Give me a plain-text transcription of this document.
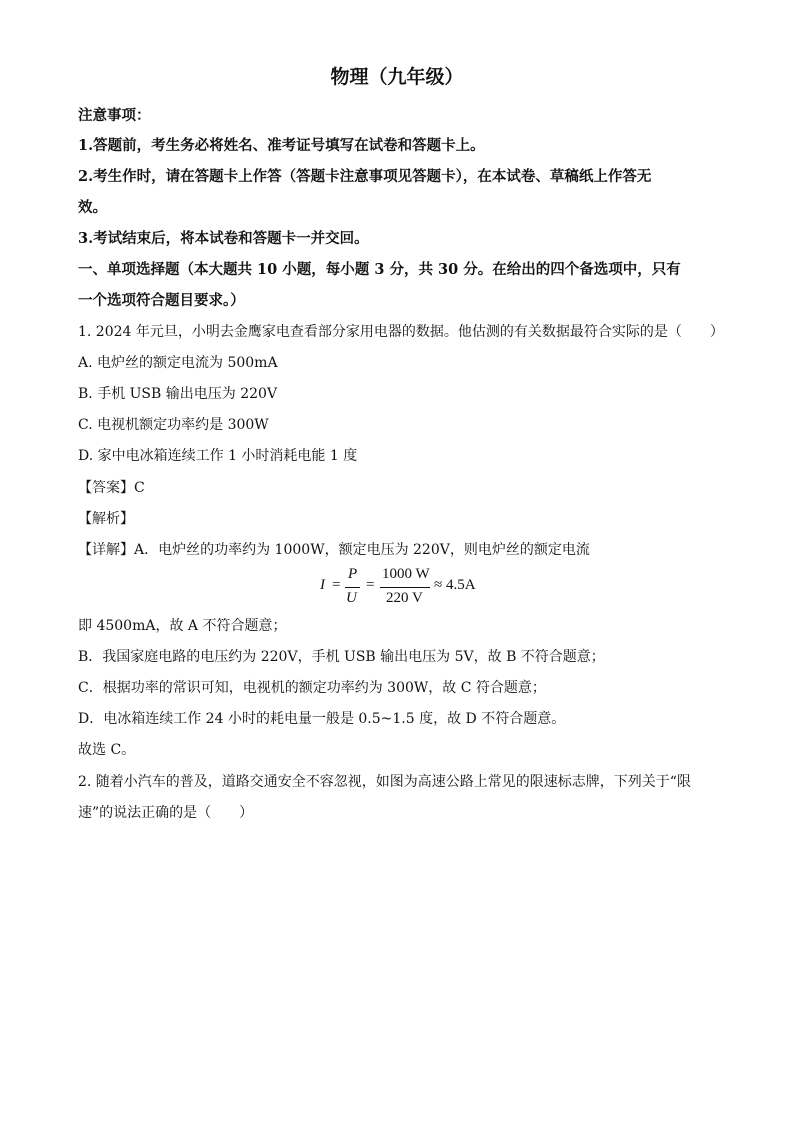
物理（九年级）
注意事项：
1.答题前，考生务必将姓名、准考证号填写在试卷和答题卡上。
2.考生作时，请在答题卡上作答（答题卡注意事项见答题卡），在本试卷、草稿纸上作答无
效。
3.考试结束后，将本试卷和答题卡一并交回。
一、单项选择题（本大题共 10 小题，每小题 3 分，共 30 分。在给出的四个备选项中，只有
一个选项符合题目要求。）
1. 2024 年元旦，小明去金鹰家电查看部分家用电器的数据。他估测的有关数据最符合实际的是（　　）
A. 电炉丝的额定电流为 500mA
B. 手机 USB 输出电压为 220V
C. 电视机额定功率约是 300W
D. 家中电冰箱连续工作 1 小时消耗电能 1 度
【答案】C
【解析】
【详解】A．电炉丝的功率约为 1000W，额定电压为 220V，则电炉丝的额定电流
I =
P
U
=
1000 W
220 V
≈ 4.5A
即 4500mA，故 A 不符合题意；
B．我国家庭电路的电压约为 220V，手机 USB 输出电压为 5V，故 B 不符合题意；
C．根据功率的常识可知，电视机的额定功率约为 300W，故 C 符合题意；
D．电冰箱连续工作 24 小时的耗电量一般是 0.5~1.5 度，故 D 不符合题意。
故选 C。
2. 随着小汽车的普及，道路交通安全不容忽视，如图为高速公路上常见的限速标志牌，下列关于“限
速”的说法正确的是（　　）
